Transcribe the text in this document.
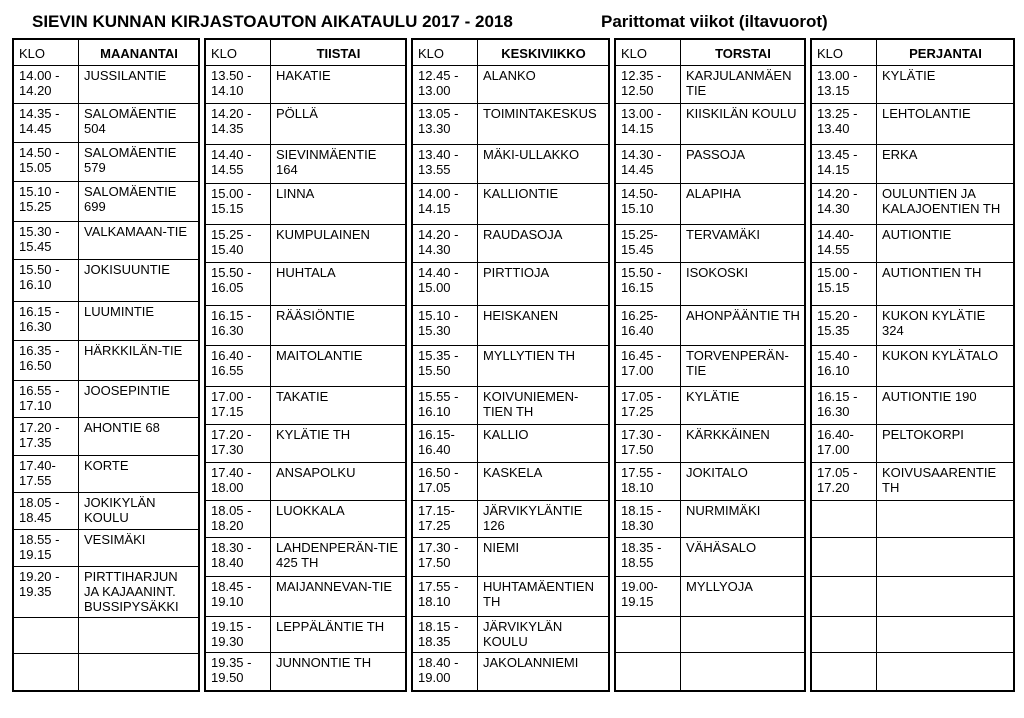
SIEVIN KUNNAN KIRJASTOAUTON AIKATAULU 2017 - 2018	Parittomat viikot (iltavuorot)
KLO	MAANANTAI
14.00 - 14.20	JUSSILANTIE
14.35 - 14.45	SALOMÄENTIE 504
14.50 - 15.05	SALOMÄENTIE 579
15.10 - 15.25	SALOMÄENTIE 699
15.30 - 15.45	VALKAMAAN-TIE
15.50 - 16.10	JOKISUUNTIE
16.15 - 16.30	LUUMINTIE
16.35 - 16.50	HÄRKKILÄN-TIE
16.55 - 17.10	JOOSEPINTIE
17.20 - 17.35	AHONTIE 68
17.40- 17.55	KORTE
18.05 - 18.45	JOKIKYLÄN KOULU
18.55 - 19.15	VESIMÄKI
19.20 - 19.35	PIRTTIHARJUN JA KAJAANINT. BUSSIPYSÄKKI

KLO	TIISTAI
13.50 - 14.10	HAKATIE
14.20 - 14.35	PÖLLÄ
14.40 - 14.55	SIEVINMÄENTIE 164
15.00 - 15.15	LINNA
15.25 - 15.40	KUMPULAINEN
15.50 - 16.05	HUHTALA
16.15 - 16.30	RÄÄSIÖNTIE
16.40 - 16.55	MAITOLANTIE
17.00 - 17.15	TAKATIE
17.20 - 17.30	KYLÄTIE TH
17.40 - 18.00	ANSAPOLKU
18.05 - 18.20	LUOKKALA
18.30 - 18.40	LAHDENPERÄN-TIE 425 TH
18.45 - 19.10	MAIJANNEVAN-TIE
19.15 - 19.30	LEPPÄLÄNTIE TH
19.35 - 19.50	JUNNONTIE TH
KLO	KESKIVIIKKO
12.45 - 13.00	ALANKO
13.05 - 13.30	TOIMINTAKESKUS
13.40 - 13.55	MÄKI-ULLAKKO
14.00 - 14.15	KALLIONTIE
14.20 - 14.30	RAUDASOJA
14.40 - 15.00	PIRTTIOJA
15.10 - 15.30	HEISKANEN
15.35 - 15.50	MYLLYTIEN TH
15.55 - 16.10	KOIVUNIEMEN-TIEN TH
16.15- 16.40	KALLIO
16.50 - 17.05	KASKELA
17.15- 17.25	JÄRVIKYLÄNTIE 126
17.30 - 17.50	NIEMI
17.55 - 18.10	HUHTAMÄENTIEN TH
18.15 - 18.35	JÄRVIKYLÄN KOULU
18.40 - 19.00	JAKOLANNIEMI
KLO	TORSTAI
12.35 - 12.50	KARJULANMÄEN TIE
13.00 - 14.15	KIISKILÄN KOULU
14.30 - 14.45	PASSOJA
14.50- 15.10	ALAPIHA
15.25- 15.45	TERVAMÄKI
15.50 - 16.15	ISOKOSKI
16.25- 16.40	AHONPÄÄNTIE TH
16.45 - 17.00	TORVENPERÄN-TIE
17.05 - 17.25	KYLÄTIE
17.30 - 17.50	KÄRKKÄINEN
17.55 - 18.10	JOKITALO
18.15 - 18.30	NURMIMÄKI
18.35 - 18.55	VÄHÄSALO
19.00- 19.15	MYLLYOJA

KLO	PERJANTAI
13.00 - 13.15	KYLÄTIE
13.25 - 13.40	LEHTOLANTIE
13.45 - 14.15	ERKA
14.20 - 14.30	OULUNTIEN JA KALAJOENTIEN TH
14.40- 14.55	AUTIONTIE
15.00 - 15.15	AUTIONTIEN TH
15.20 - 15.35	KUKON KYLÄTIE 324
15.40 - 16.10	KUKON KYLÄTALO
16.15 - 16.30	AUTIONTIE 190
16.40- 17.00	PELTOKORPI
17.05 - 17.20	KOIVUSAARENTIE TH
